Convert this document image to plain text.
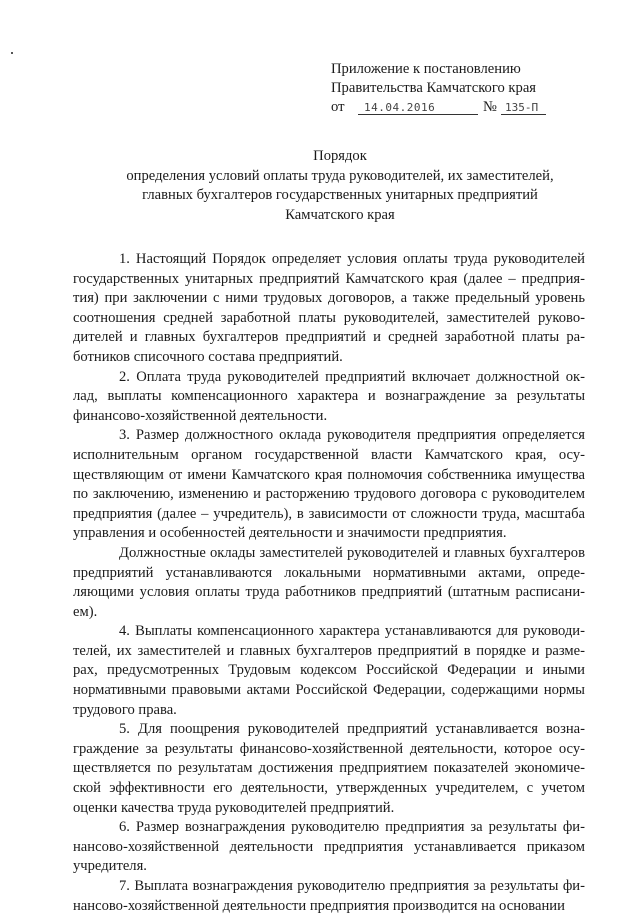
Приложение к постановлению
Правительства Камчатского края
от	14.04.2016	№ 135-П
Порядок
определения условий оплаты труда руководителей, их заместителей,
главных бухгалтеров государственных унитарных предприятий
Камчатского края

1. Настоящий Порядок определяет условия оплаты труда руководителей государственных унитарных предприятий Камчатского края (далее – предприятия) при заключении с ними трудовых договоров, а также предельный уровень соотношения средней заработной платы руководителей, заместителей руководителей и главных бухгалтеров предприятий и средней заработной платы работников списочного состава предприятий.

2. Оплата труда руководителей предприятий включает должностной оклад, выплаты компенсационного характера и вознаграждение за результаты финансово-хозяйственной деятельности.

3. Размер должностного оклада руководителя предприятия определяется исполнительным органом государственной власти Камчатского края, осуществляющим от имени Камчатского края полномочия собственника имущества по заключению, изменению и расторжению трудового договора с руководителем предприятия (далее – учредитель), в зависимости от сложности труда, масштаба управления и особенностей деятельности и значимости предприятия.

Должностные оклады заместителей руководителей и главных бухгалтеров предприятий устанавливаются локальными нормативными актами, определяющими условия оплаты труда работников предприятий (штатным расписанием).

4. Выплаты компенсационного характера устанавливаются для руководителей, их заместителей и главных бухгалтеров предприятий в порядке и размерах, предусмотренных Трудовым кодексом Российской Федерации и иными нормативными правовыми актами Российской Федерации, содержащими нормы трудового права.

5. Для поощрения руководителей предприятий устанавливается вознаграждение за результаты финансово-хозяйственной деятельности, которое осуществляется по результатам достижения предприятием показателей экономической эффективности его деятельности, утвержденных учредителем, с учетом оценки качества труда руководителей предприятий.

6. Размер вознаграждения руководителю предприятия за результаты финансово-хозяйственной деятельности предприятия устанавливается приказом учредителя.

7. Выплата вознаграждения руководителю предприятия за результаты финансово-хозяйственной деятельности предприятия производится на основании
